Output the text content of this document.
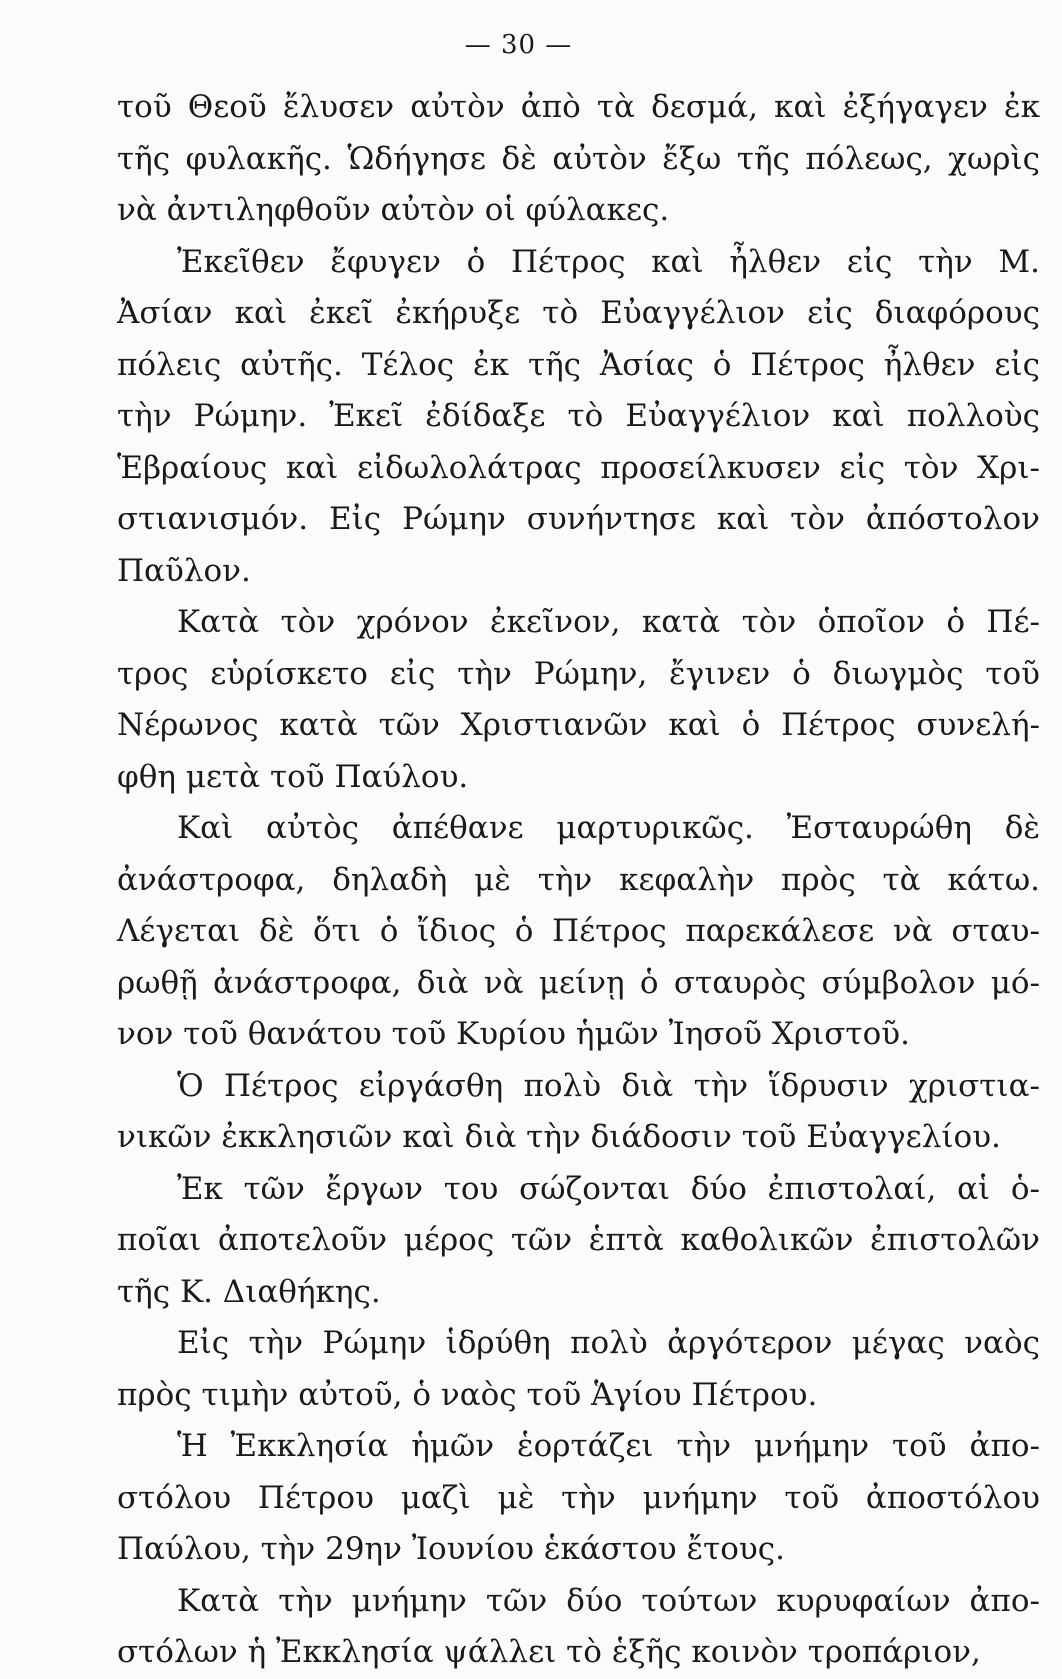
— 30 —
τοῦ Θεοῦ ἔλυσεν αὐτὸν ἀπὸ τὰ δεσμά, καὶ ἐξήγαγεν ἐκ
τῆς φυλακῆς. Ὡδήγησε δὲ αὐτὸν ἔξω τῆς πόλεως, χωρὶς
νὰ ἀντιληφθοῦν αὐτὸν οἱ φύλακες.
Ἐκεῖθεν ἔφυγεν ὁ Πέτρος καὶ ἦλθεν εἰς τὴν Μ.
Ἀσίαν καὶ ἐκεῖ ἐκήρυξε τὸ Εὐαγγέλιον εἰς διαφόρους
πόλεις αὐτῆς. Τέλος ἐκ τῆς Ἀσίας ὁ Πέτρος ἦλθεν εἰς
τὴν Ρώμην. Ἐκεῖ ἐδίδαξε τὸ Εὐαγγέλιον καὶ πολλοὺς
Ἑβραίους καὶ εἰδωλολάτρας προσείλκυσεν εἰς τὸν Χρι-
στιανισμόν. Εἰς Ρώμην συνήντησε καὶ τὸν ἀπόστολον
Παῦλον.
Κατὰ τὸν χρόνον ἐκεῖνον, κατὰ τὸν ὁποῖον ὁ Πέ-
τρος εὑρίσκετο εἰς τὴν Ρώμην, ἔγινεν ὁ διωγμὸς τοῦ
Νέρωνος κατὰ τῶν Χριστιανῶν καὶ ὁ Πέτρος συνελή-
φθη μετὰ τοῦ Παύλου.
Καὶ αὐτὸς ἀπέθανε μαρτυρικῶς. Ἐσταυρώθη δὲ
ἀνάστροφα, δηλαδὴ μὲ τὴν κεφαλὴν πρὸς τὰ κάτω.
Λέγεται δὲ ὅτι ὁ ἴδιος ὁ Πέτρος παρεκάλεσε νὰ σταυ-
ρωθῇ ἀνάστροφα, διὰ νὰ μείνῃ ὁ σταυρὸς σύμβολον μό-
νον τοῦ θανάτου τοῦ Κυρίου ἡμῶν Ἰησοῦ Χριστοῦ.
Ὁ Πέτρος εἰργάσθη πολὺ διὰ τὴν ἵδρυσιν χριστια-
νικῶν ἐκκλησιῶν καὶ διὰ τὴν διάδοσιν τοῦ Εὐαγγελίου.
Ἐκ τῶν ἔργων του σώζονται δύο ἐπιστολαί, αἱ ὁ-
ποῖαι ἀποτελοῦν μέρος τῶν ἑπτὰ καθολικῶν ἐπιστολῶν
τῆς Κ. Διαθήκης.
Εἰς τὴν Ρώμην ἱδρύθη πολὺ ἀργότερον μέγας ναὸς
πρὸς τιμὴν αὐτοῦ, ὁ ναὸς τοῦ Ἁγίου Πέτρου.
Ἡ Ἐκκλησία ἡμῶν ἑορτάζει τὴν μνήμην τοῦ ἀπο-
στόλου Πέτρου μαζὶ μὲ τὴν μνήμην τοῦ ἀποστόλου
Παύλου, τὴν 29ην Ἰουνίου ἑκάστου ἔτους.
Κατὰ τὴν μνήμην τῶν δύο τούτων κυρυφαίων ἀπο-
στόλων ἡ Ἐκκλησία ψάλλει τὸ ἑξῆς κοινὸν τροπάριον,
